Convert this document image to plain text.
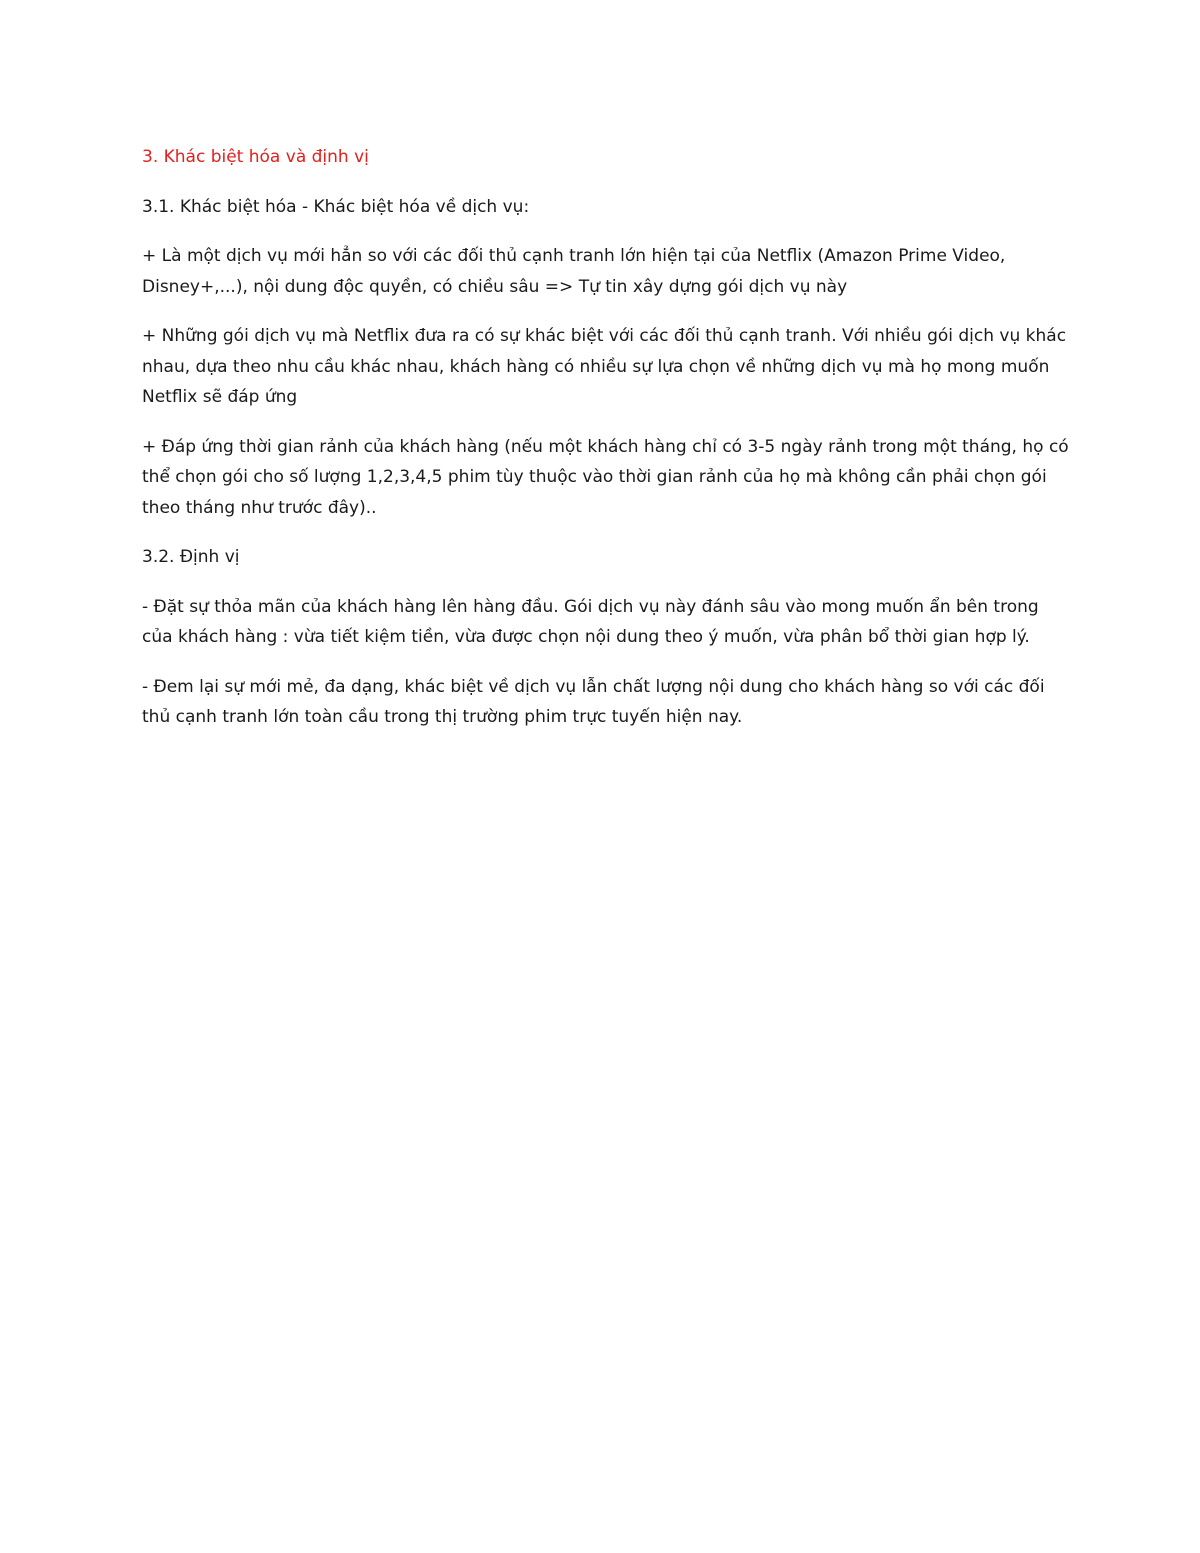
3. Khác biệt hóa và định vị

3.1. Khác biệt hóa - Khác biệt hóa về dịch vụ:

+ Là một dịch vụ mới hẳn so với các đối thủ cạnh tranh lớn hiện tại của Netflix (Amazon Prime Video, Disney+,...), nội dung độc quyền, có chiều sâu => Tự tin xây dựng gói dịch vụ này

+ Những gói dịch vụ mà Netflix đưa ra có sự khác biệt với các đối thủ cạnh tranh. Với nhiều gói dịch vụ khác nhau, dựa theo nhu cầu khác nhau, khách hàng có nhiều sự lựa chọn về những dịch vụ mà họ mong muốn Netflix sẽ đáp ứng

+ Đáp ứng thời gian rảnh của khách hàng (nếu một khách hàng chỉ có 3-5 ngày rảnh trong một tháng, họ có thể chọn gói cho số lượng 1,2,3,4,5 phim tùy thuộc vào thời gian rảnh của họ mà không cần phải chọn gói theo tháng như trước đây)..

3.2. Định vị

- Đặt sự thỏa mãn của khách hàng lên hàng đầu. Gói dịch vụ này đánh sâu vào mong muốn ẩn bên trong của khách hàng : vừa tiết kiệm tiền, vừa được chọn nội dung theo ý muốn, vừa phân bổ thời gian hợp lý.

- Đem lại sự mới mẻ, đa dạng, khác biệt về dịch vụ lẫn chất lượng nội dung cho khách hàng so với các đối thủ cạnh tranh lớn toàn cầu trong thị trường phim trực tuyến hiện nay.
